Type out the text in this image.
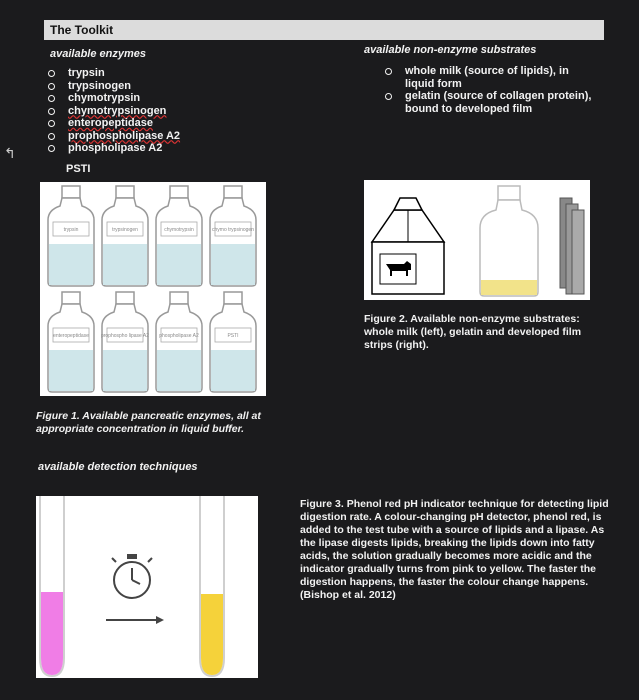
The Toolkit
available enzymes
trypsin
trypsinogen
chymotrypsin
chymotrypsinogen
enteropeptidase
prophospholipase A2
phospholipase A2
PSTI
↰
available non-enzyme substrates
whole milk (source of lipids), in liquid form
gelatin (source of collagen protein), bound to developed film
trypsin	trypsinogen	chymotrypsin	chymo trypsinogen
enteropeptidase prophospho lipase A2 phospholipase A2	PSTI
Figure 1. Available pancreatic enzymes, all at appropriate concentration in liquid buffer.
Figure 2. Available non-enzyme substrates: whole milk (left), gelatin and developed film strips (right).
available detection techniques
Figure 3. Phenol red pH indicator technique for detecting lipid digestion rate. A colour-changing pH detector, phenol red, is added to the test tube with a source of lipids and a lipase. As the lipase digests lipids, breaking the lipids down into fatty acids, the solution gradually becomes more acidic and the indicator gradually turns from pink to yellow. The faster the digestion happens, the faster the colour change happens. (Bishop et al. 2012)
